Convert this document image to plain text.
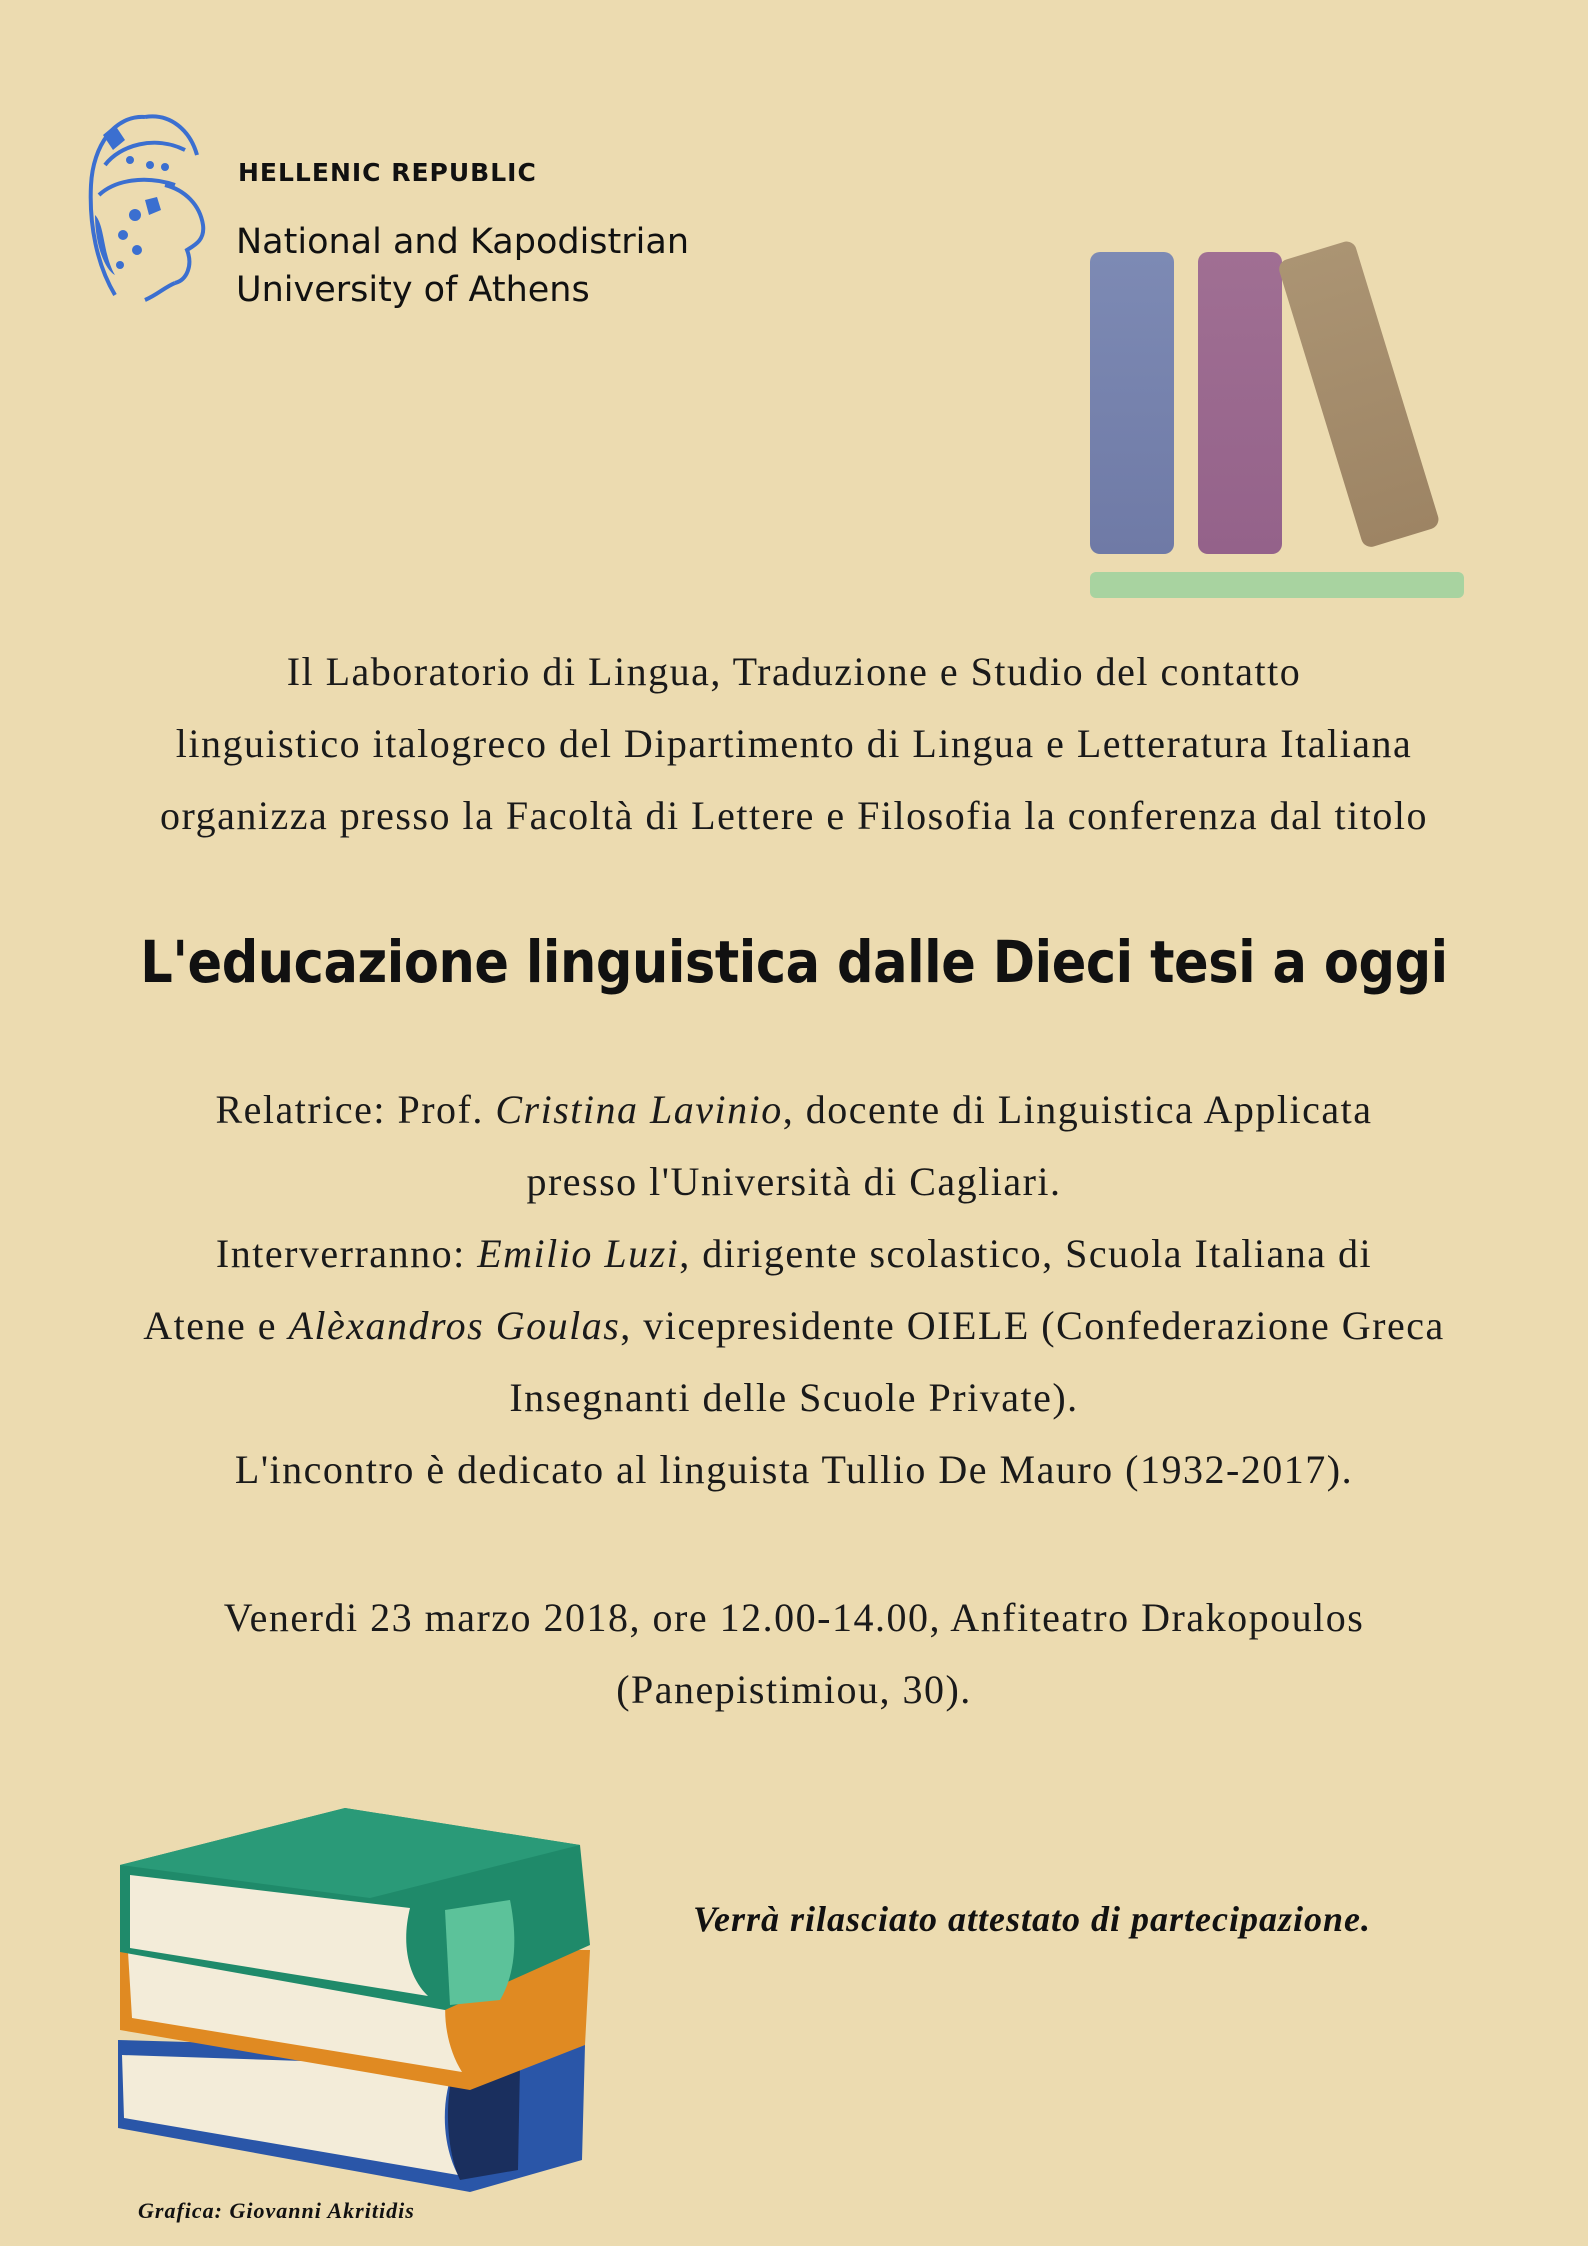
HELLENIC REPUBLIC
National and Kapodistrian
University of Athens
Il Laboratorio di Lingua, Traduzione e Studio del contatto
linguistico italogreco del Dipartimento di Lingua e Letteratura Italiana
organizza presso la Facoltà di Lettere e Filosofia la conferenza dal titolo
L'educazione linguistica dalle Dieci tesi a oggi
Relatrice: Prof. Cristina Lavinio, docente di Linguistica Applicata
presso l'Università di Cagliari.
Interverranno: Emilio Luzi, dirigente scolastico, Scuola Italiana di
Atene e Alèxandros Goulas, vicepresidente OIELE (Confederazione Greca
Insegnanti delle Scuole Private).
L'incontro è dedicato al linguista Tullio De Mauro (1932-2017).
Venerdi 23 marzo 2018, ore 12.00-14.00, Anfiteatro Drakopoulos
(Panepistimiou, 30).
Verrà rilasciato attestato di partecipazione.
Grafica: Giovanni Akritidis
